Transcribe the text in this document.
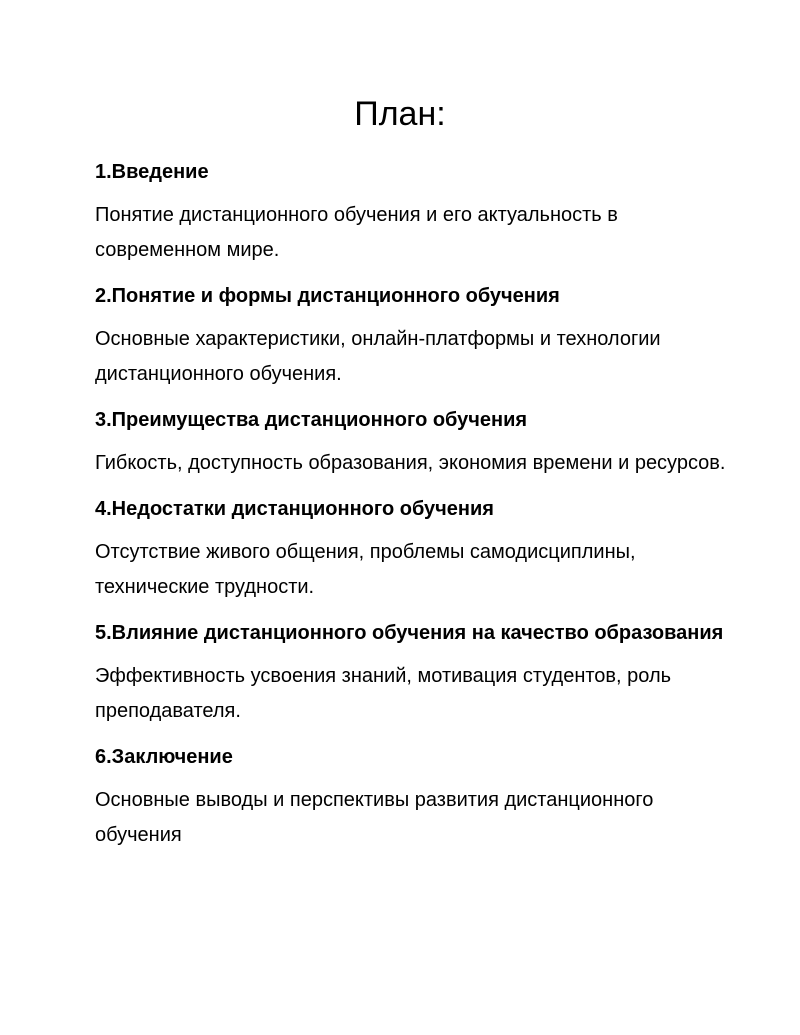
План:

1.Введение

Понятие дистанционного обучения и его актуальность в современном мире.

2.Понятие и формы дистанционного обучения

Основные характеристики, онлайн-платформы и технологии дистанционного обучения.

3.Преимущества дистанционного обучения

Гибкость, доступность образования, экономия времени и ресурсов.

4.Недостатки дистанционного обучения

Отсутствие живого общения, проблемы самодисциплины, технические трудности.

5.Влияние дистанционного обучения на качество образования

Эффективность усвоения знаний, мотивация студентов, роль преподавателя.

6.Заключение

Основные выводы и перспективы развития дистанционного обучения
